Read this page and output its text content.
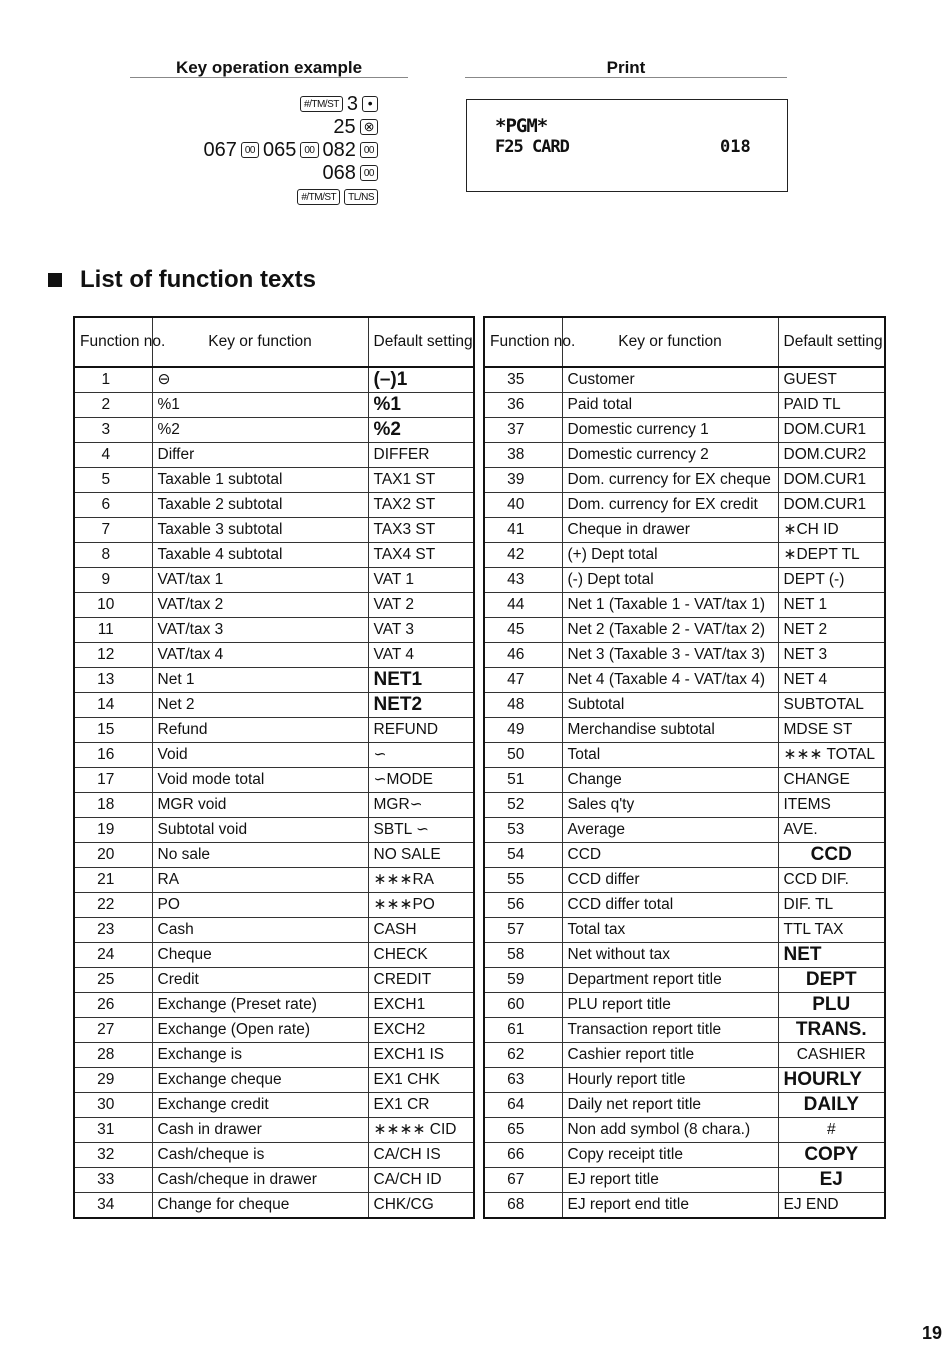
Key operation example	Print
#/TM/ST 3 •
25 ⊗
067 00 065 00 082 00
068 00
#/TM/ST	TL/NS
*PGM*
F25 CARD	018
List of function texts
Function no.	Key or function	Default setting
1	⊖	(–)1
2	%1	%1
3	%2	%2
4	Differ	DIFFER
5	Taxable 1 subtotal	TAX1 ST
6	Taxable 2 subtotal	TAX2 ST
7	Taxable 3 subtotal	TAX3 ST
8	Taxable 4 subtotal	TAX4 ST
9	VAT/tax 1	VAT 1
10	VAT/tax 2	VAT 2
11	VAT/tax 3	VAT 3
12	VAT/tax 4	VAT 4
13	Net 1	NET1
14	Net 2	NET2
15	Refund	REFUND
16	Void	∽
17	Void mode total	∽MODE
18	MGR void	MGR∽
19	Subtotal void	SBTL ∽
20	No sale	NO SALE
21	RA	∗∗∗RA
22	PO	∗∗∗PO
23	Cash	CASH
24	Cheque	CHECK
25	Credit	CREDIT
26	Exchange (Preset rate)	EXCH1
27	Exchange (Open rate)	EXCH2
28	Exchange is	EXCH1 IS
29	Exchange cheque	EX1 CHK
30	Exchange credit	EX1 CR
31	Cash in drawer	∗∗∗∗ CID
32	Cash/cheque is	CA/CH IS
33	Cash/cheque in drawer	CA/CH ID
34	Change for cheque	CHK/CG
Function no.	Key or function	Default setting
35	Customer	GUEST
36	Paid total	PAID TL
37	Domestic currency 1	DOM.CUR1
38	Domestic currency 2	DOM.CUR2
39	Dom. currency for EX cheque	DOM.CUR1
40	Dom. currency for EX credit	DOM.CUR1
41	Cheque in drawer	∗CH ID
42	(+) Dept total	∗DEPT TL
43	(-) Dept total	DEPT (-)
44	Net 1 (Taxable 1 - VAT/tax 1)	NET 1
45	Net 2 (Taxable 2 - VAT/tax 2)	NET 2
46	Net 3 (Taxable 3 - VAT/tax 3)	NET 3
47	Net 4 (Taxable 4 - VAT/tax 4)	NET 4
48	Subtotal	SUBTOTAL
49	Merchandise subtotal	MDSE ST
50	Total	∗∗∗ TOTAL
51	Change	CHANGE
52	Sales q'ty	ITEMS
53	Average	AVE.
54	CCD	CCD
55	CCD differ	CCD DIF.
56	CCD differ total	DIF. TL
57	Total tax	TTL TAX
58	Net without tax	NET
59	Department report title	DEPT
60	PLU report title	PLU
61	Transaction report title	TRANS.
62	Cashier report title	CASHIER
63	Hourly report title	HOURLY
64	Daily net report title	DAILY
65	Non add symbol (8 chara.)	#
66	Copy receipt title	COPY
67	EJ report title	EJ
68	EJ report end title	EJ END
19
